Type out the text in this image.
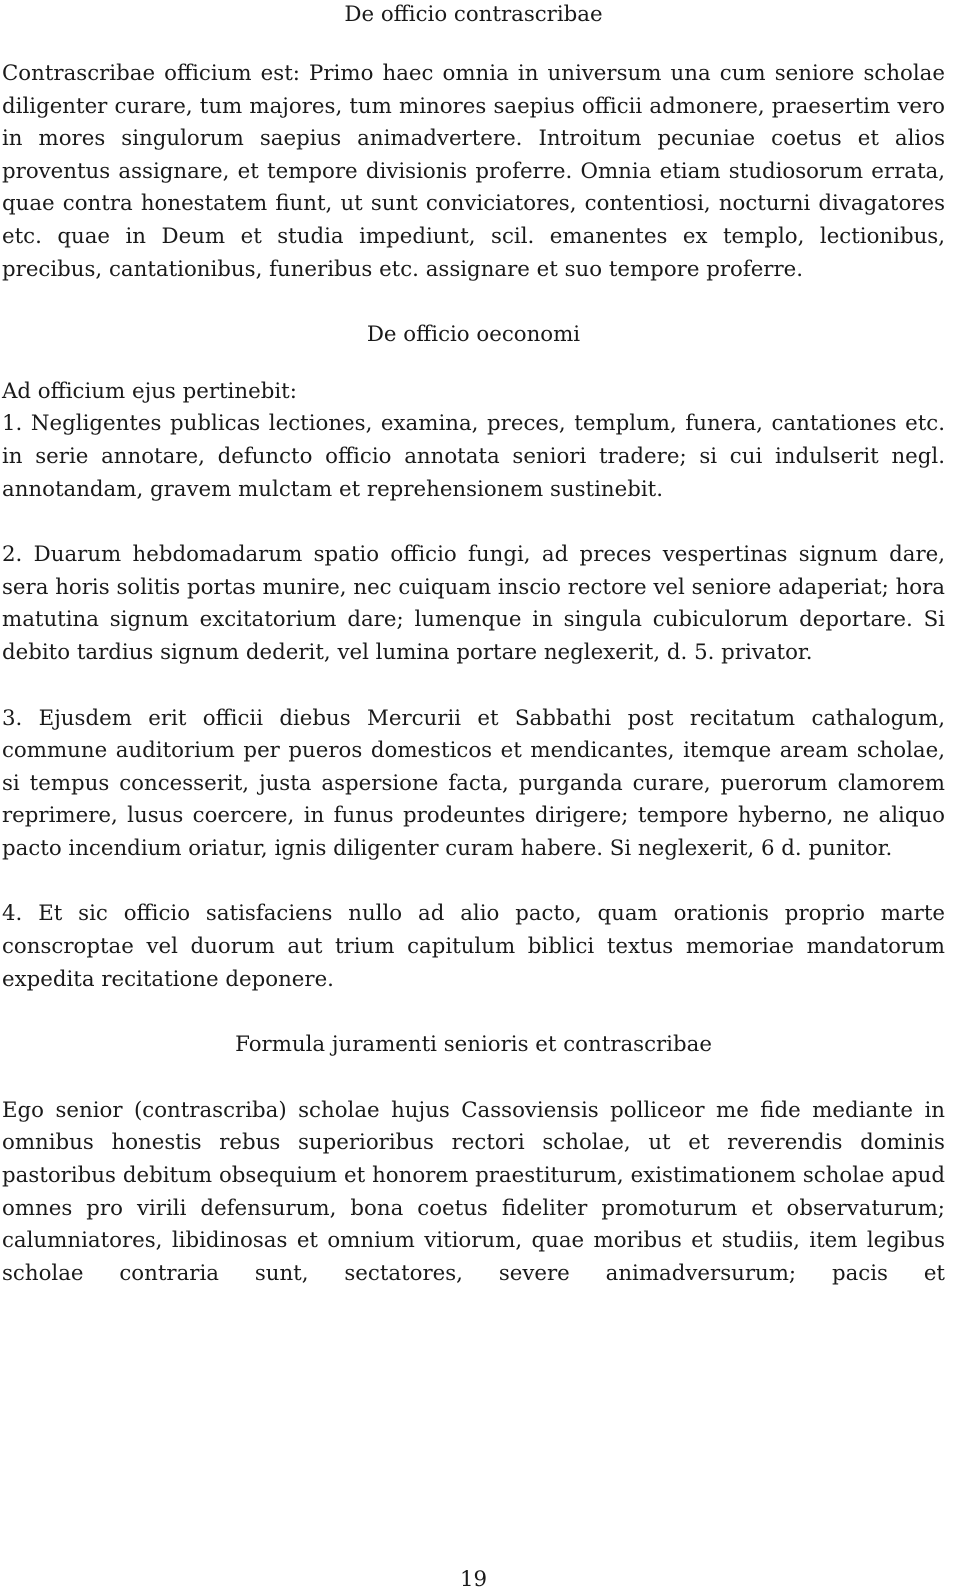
De officio contrascribae

Contrascribae officium est: Primo haec omnia in universum una cum seniore scholae diligenter curare, tum majores, tum minores saepius officii admonere, praesertim vero in mores singulorum saepius animadvertere. Introitum pecuniae coetus et alios proventus assignare, et tempore divisionis proferre. Omnia etiam studiosorum errata, quae contra honestatem fiunt, ut sunt conviciatores, contentiosi, nocturni divagatores etc. quae in Deum et studia impediunt, scil. emanentes ex templo, lectionibus, precibus, cantationibus, funeribus etc. assignare et suo tempore proferre.

De officio oeconomi

Ad officium ejus pertinebit:

1. Negligentes publicas lectiones, examina, preces, templum, funera, cantationes etc. in serie annotare, defuncto officio annotata seniori tradere; si cui indulserit negl. annotandam, gravem mulctam et reprehensionem sustinebit.

2. Duarum hebdomadarum spatio officio fungi, ad preces vespertinas signum dare, sera horis solitis portas munire, nec cuiquam inscio rectore vel seniore adaperiat; hora matutina signum excitatorium dare; lumenque in singula cubiculorum deportare. Si debito tardius signum dederit, vel lumina portare neglexerit, d. 5. privator.

3. Ejusdem erit officii diebus Mercurii et Sabbathi post recitatum cathalogum, commune auditorium per pueros domesticos et mendicantes, itemque aream scholae, si tempus concesserit, justa aspersione facta, purganda curare, puerorum clamorem reprimere, lusus coercere, in funus prodeuntes dirigere; tempore hyberno, ne aliquo pacto incendium oriatur, ignis diligenter curam habere. Si neglexerit, 6 d. punitor.

4. Et sic officio satisfaciens nullo ad alio pacto, quam orationis proprio marte conscroptae vel duorum aut trium capitulum biblici textus memoriae mandatorum expedita recitatione deponere.

Formula juramenti senioris et contrascribae

Ego senior (contrascriba) scholae hujus Cassoviensis polliceor me fide mediante in omnibus honestis rebus superioribus rectori scholae, ut et reverendis dominis pastoribus debitum obsequium et honorem praestiturum, existimationem scholae apud omnes pro virili defensurum, bona coetus fideliter promoturum et observaturum; calumniatores, libidinosas et omnium vitiorum, quae moribus et studiis, item legibus scholae contraria sunt, sectatores, severe animadversurum; pacis et

19
